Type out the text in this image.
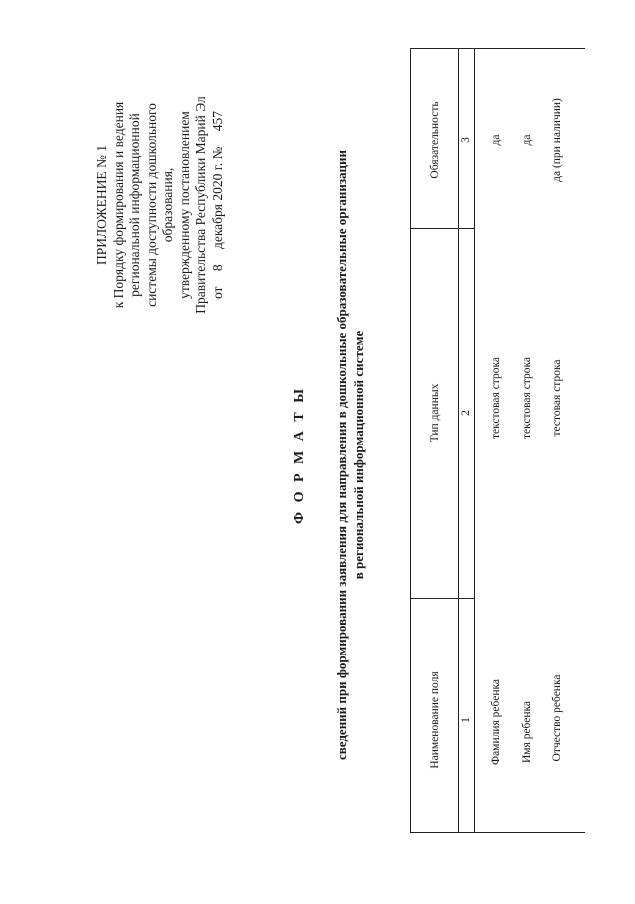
ПРИЛОЖЕНИЕ № 1 к Порядку формирования и ведения региональной информационной системы доступности дошкольного образования, утвержденному постановлением Правительства Республики Марий Эл от 8 декабря 2020 г. № 457
Ф О Р М А Т Ы сведений при формировании заявления для направления в дошкольные образовательные организации в региональной информационной системе
Наименование поля
Тип данных
Обязательность
1
2
3
Фамилия ребенка
текстовая строка
да
Имя ребенка
текстовая строка
да
Отчество ребенка
тестовая строка
да (при наличии)
